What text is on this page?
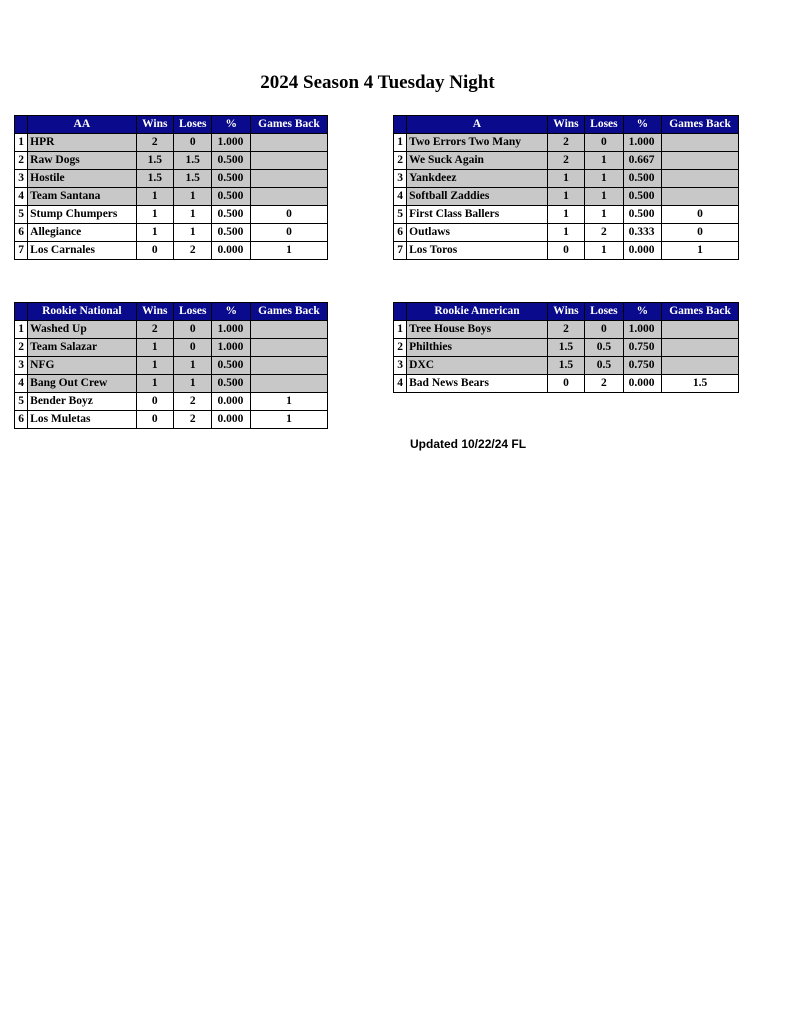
2024 Season 4 Tuesday Night
	AA	Wins	Loses	%	Games Back
1	HPR	2	0	1.000	
2	Raw Dogs	1.5	1.5	0.500	
3	Hostile	1.5	1.5	0.500	
4	Team Santana	1	1	0.500	
5	Stump Chumpers	1	1	0.500	0
6	Allegiance	1	1	0.500	0
7	Los Carnales	0	2	0.000	1
	A	Wins	Loses	%	Games Back
1	Two Errors Two Many	2	0	1.000	
2	We Suck Again	2	1	0.667	
3	Yankdeez	1	1	0.500	
4	Softball Zaddies	1	1	0.500	
5	First Class Ballers	1	1	0.500	0
6	Outlaws	1	2	0.333	0
7	Los Toros	0	1	0.000	1
	Rookie National	Wins	Loses	%	Games Back
1	Washed Up	2	0	1.000	
2	Team Salazar	1	0	1.000	
3	NFG	1	1	0.500	
4	Bang Out Crew	1	1	0.500	
5	Bender Boyz	0	2	0.000	1
6	Los Muletas	0	2	0.000	1
	Rookie American	Wins	Loses	%	Games Back
1	Tree House Boys	2	0	1.000	
2	Philthies	1.5	0.5	0.750	
3	DXC	1.5	0.5	0.750	
4	Bad News Bears	0	2	0.000	1.5
Updated 10/22/24 FL
